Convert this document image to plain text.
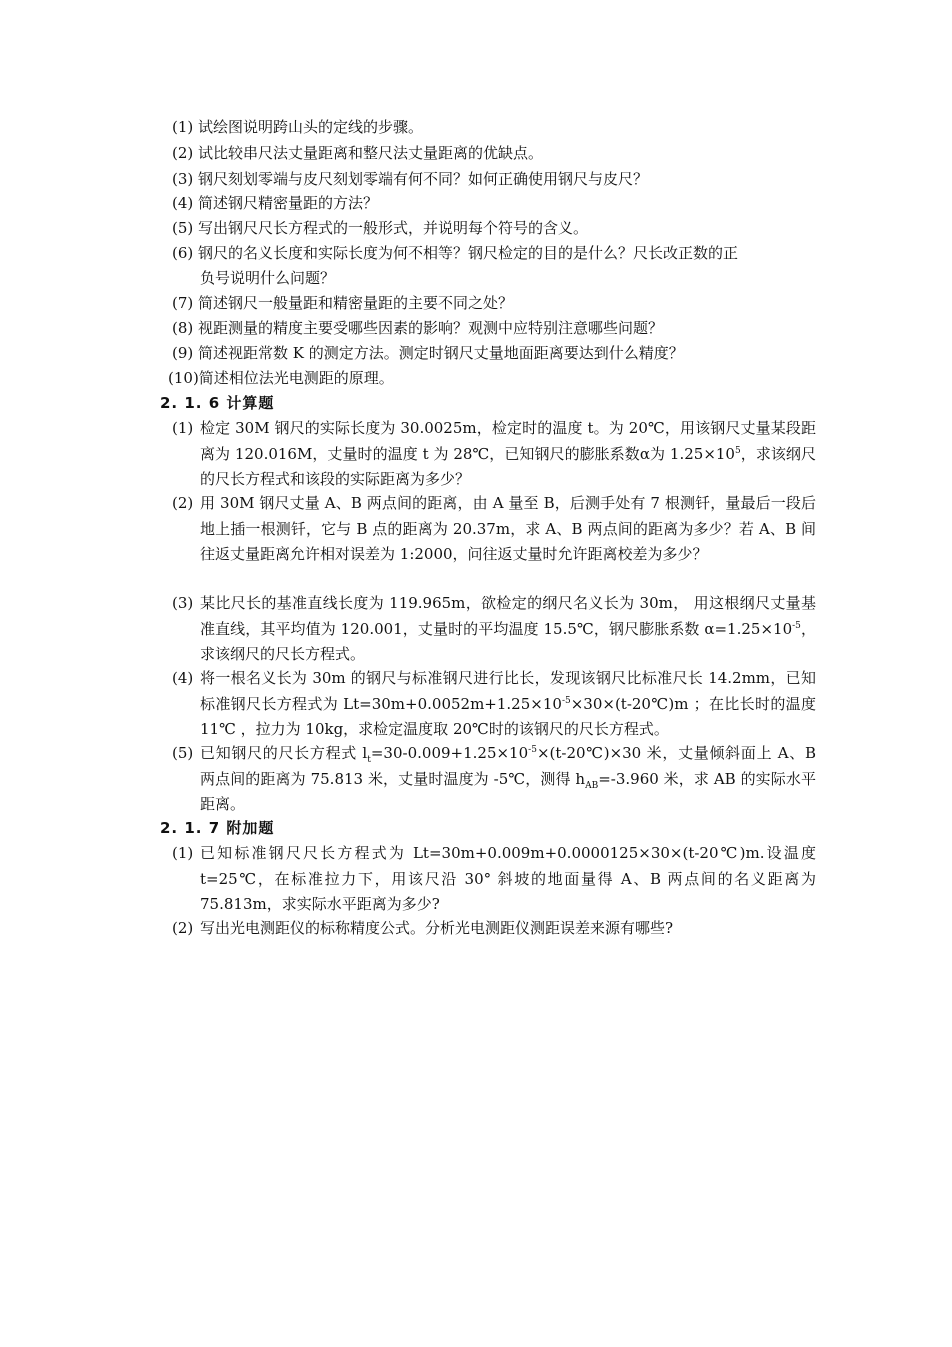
(1) 试绘图说明跨山头的定线的步骤。
(2) 试比较串尺法丈量距离和整尺法丈量距离的优缺点。
(3) 钢尺刻划零端与皮尺刻划零端有何不同？如何正确使用钢尺与皮尺？
(4) 简述钢尺精密量距的方法？
(5) 写出钢尺尺长方程式的一般形式，并说明每个符号的含义。
(6) 钢尺的名义长度和实际长度为何不相等？钢尺检定的目的是什么？尺长改正数的正
负号说明什么问题？
(7) 简述钢尺一般量距和精密量距的主要不同之处？
(8) 视距测量的精度主要受哪些因素的影响？观测中应特别注意哪些问题？
(9) 简述视距常数 K 的测定方法。测定时钢尺丈量地面距离要达到什么精度？
(10)简述相位法光电测距的原理。
2. 1. 6 计算题
(1) 检定 30M 钢尺的实际长度为 30.0025m，检定时的温度 t。为 20℃，用该钢尺丈量某段距离为 120.016M，丈量时的温度 t 为 28℃，已知钢尺的膨胀系数α为 $1.25\times 10^5$，求该纲尺的尺长方程式和该段的实际距离为多少？
(2) 用 30M 钢尺丈量 A、B 两点间的距离，由 A 量至 B，后测手处有 7 根测钎，量最后一段后地上插一根测钎，它与 B 点的距离为 20.37m，求 A、B 两点间的距离为多少？若 A、B 间往返丈量距离允许相对误差为 1:2000，问往返丈量时允许距离校差为多少？
(3) 某比尺长的基准直线长度为 119.965m，欲检定的纲尺名义长为 30m， 用这根纲尺丈量基准直线，其平均值为 120.001，丈量时的平均温度 15.5℃，钢尺膨胀系数 $\alpha=1.25\times 10^{-5}$，求该纲尺的尺长方程式。
(4) 将一根名义长为 30m 的钢尺与标准钢尺进行比长，发现该钢尺比标准尺长 14.2mm，已知标准钢尺长方程式为 $Lt=30m+0.0052m+1.25\times 10^{-5}\times 30\times(t-20℃)m$ ；在比长时的温度 11℃ ，拉力为 10kg，求检定温度取 20℃时的该钢尺的尺长方程式。
(5) 已知钢尺的尺长方程式 $l_t=30-0.009+1.25\times 10^{-5}\times(t-20℃)\times 30$ 米，丈量倾斜面上 A、B 两点间的距离为 75.813 米，丈量时温度为 -5℃，测得 $h_{AB}=-3.960$ 米，求 AB 的实际水平距离。
2. 1. 7 附加题
(1) 已知标准钢尺尺长方程式为 Lt=30m+0.009m+0.0000125×30×(t-20℃)m.设温度 t=25℃，在标准拉力下，用该尺沿 30° 斜坡的地面量得 A、B 两点间的名义距离为 75.813m，求实际水平距离为多少?
(2) 写出光电测距仪的标称精度公式。分析光电测距仪测距误差来源有哪些?
